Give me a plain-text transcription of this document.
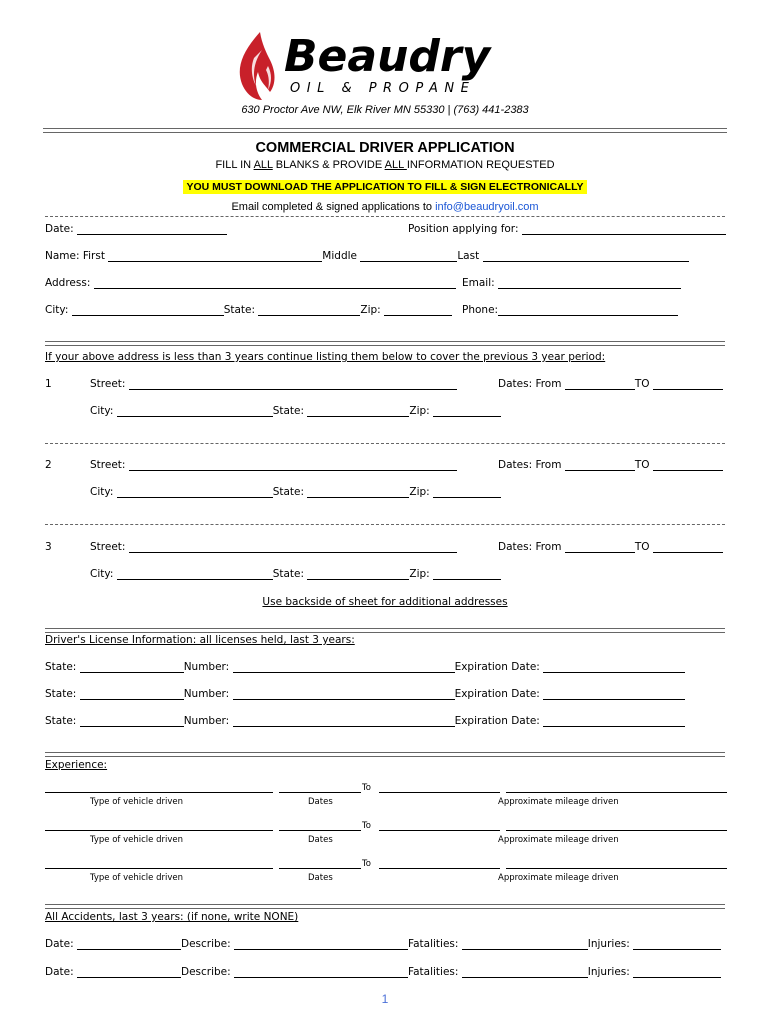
Beaudry
OIL & PROPANE
630 Proctor Ave NW, Elk River MN 55330 | (763) 441-2383
COMMERCIAL DRIVER APPLICATION
FILL IN ALL BLANKS & PROVIDE ALL INFORMATION REQUESTED
YOU MUST DOWNLOAD THE APPLICATION TO FILL & SIGN ELECTRONICALLY
Email completed & signed applications to info@beaudryoil.com
Date:	Position applying for:
Name: First	Middle	Last
Address:	Email:
City:	State:	Zip:	Phone:
If your above address is less than 3 years continue listing them below to cover the previous 3 year period:
1	Street:	Dates: From	TO
City:	State:	Zip:
2	Street:	Dates: From	TO
City:	State:	Zip:
3	Street:	Dates: From	TO
City:	State:	Zip:
Use backside of sheet for additional addresses
Driver's License Information: all licenses held, last 3 years:
State:	Number:	Expiration Date:
State:	Number:	Expiration Date:
State:	Number:	Expiration Date:
Experience:
To
Type of vehicle driven	Dates	Approximate mileage driven
To
Type of vehicle driven	Dates	Approximate mileage driven
To
Type of vehicle driven	Dates	Approximate mileage driven
All Accidents, last 3 years: (if none, write NONE)
Date:	Describe:	Fatalities:	Injuries:
Date:	Describe:	Fatalities:	Injuries:
1
